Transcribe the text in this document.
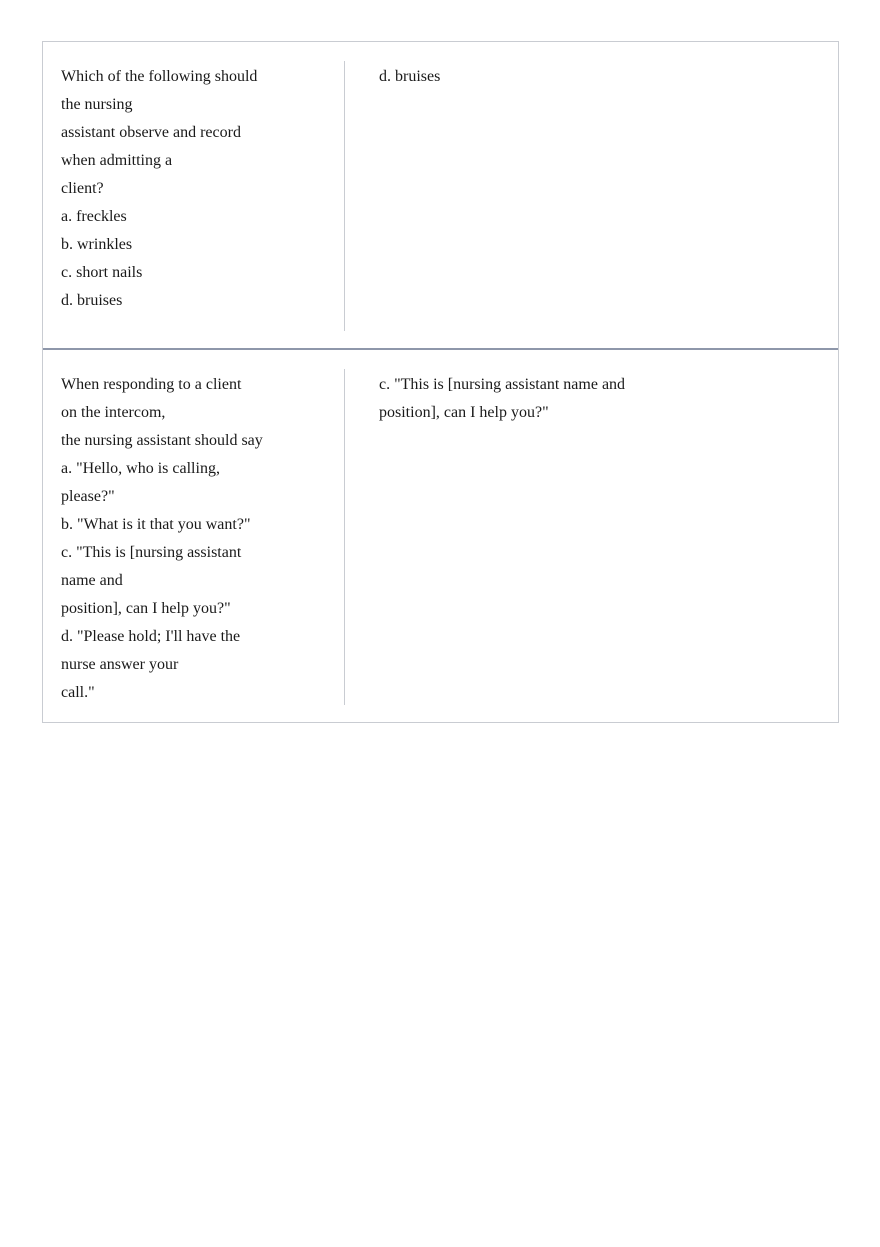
Which of the following should
the nursing
assistant observe and record
when admitting a
client?
a. freckles
b. wrinkles
c. short nails
d. bruises
d. bruises
When responding to a client
on the intercom,
the nursing assistant should say
a. "Hello, who is calling,
please?"
b. "What is it that you want?"
c. "This is [nursing assistant
name and
position], can I help you?"
d. "Please hold; I'll have the
nurse answer your
call."
c. "This is [nursing assistant name and
position], can I help you?"
